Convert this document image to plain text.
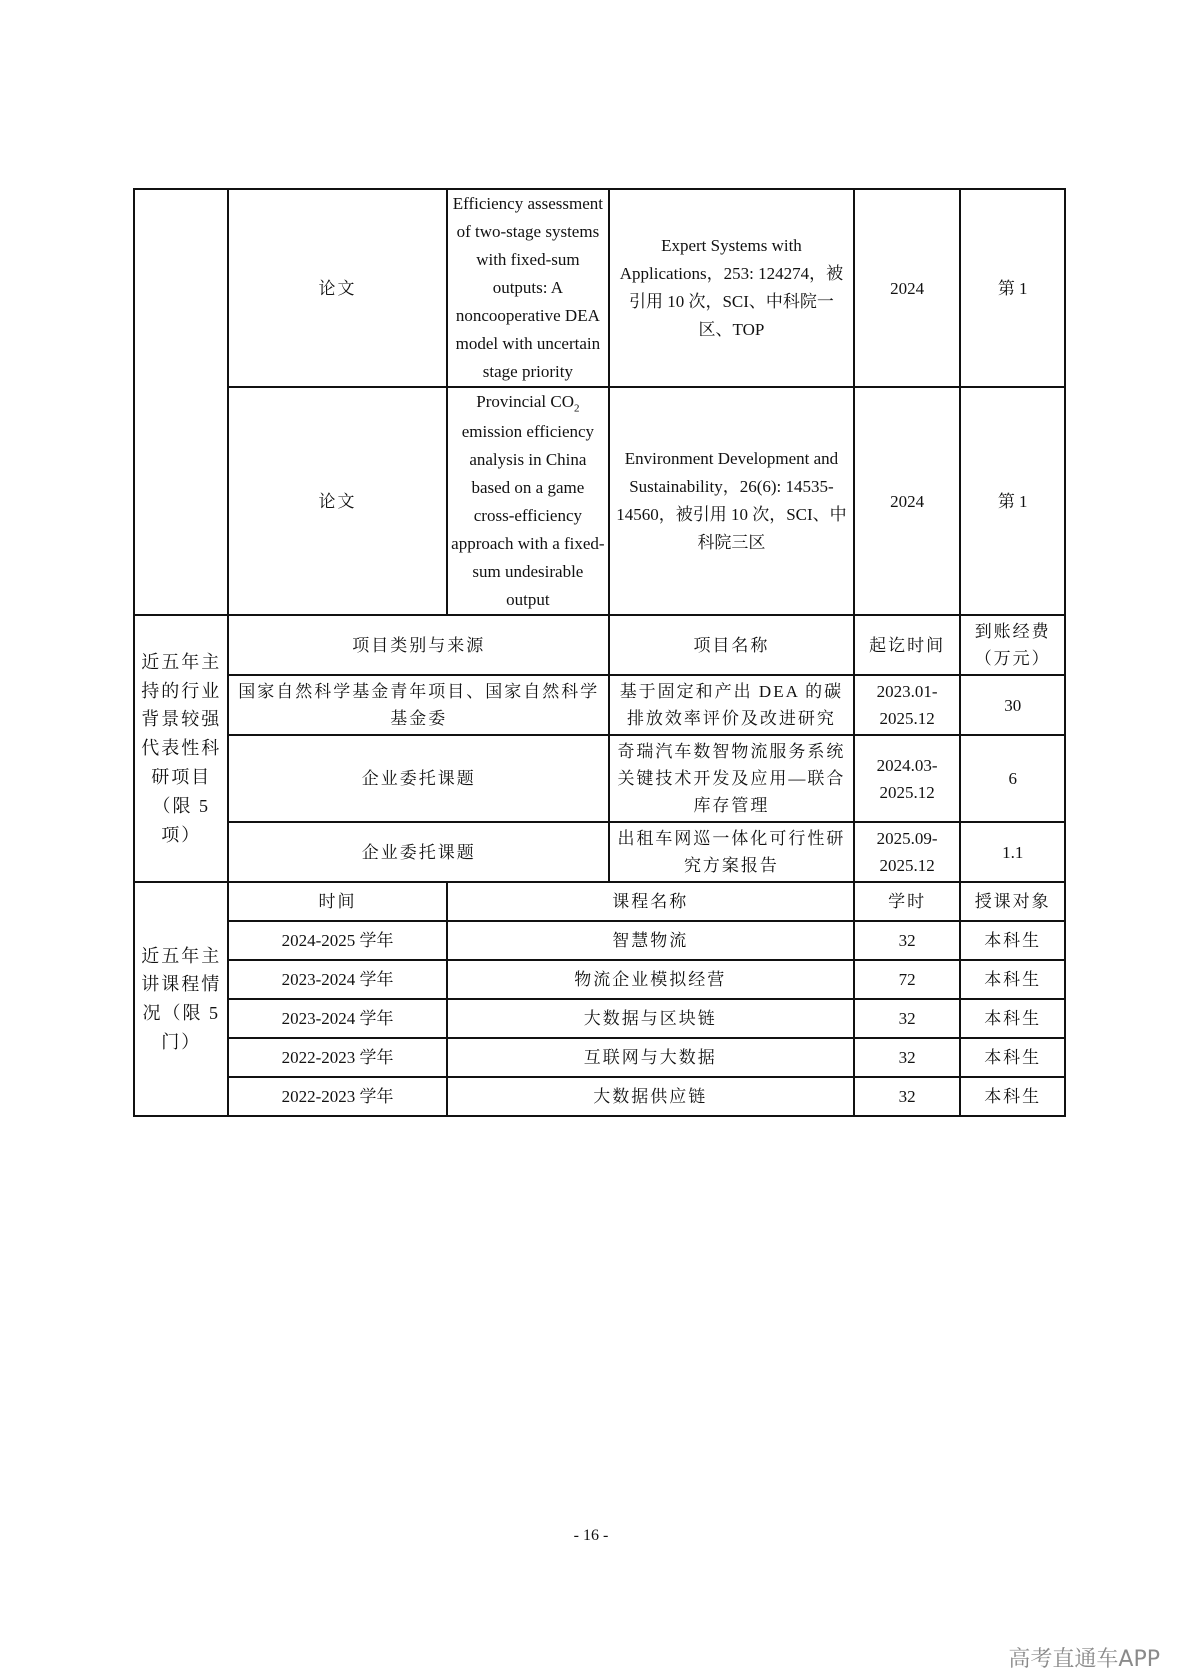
	论文	Efficiency assessment of two-stage systems with fixed-sum outputs: A noncooperative DEA model with uncertain stage priority	Expert Systems with Applications，253: 124274，被引用 10 次，SCI、中科院一区、TOP	2024	第 1
	论文	Provincial $CO_2$ emission efficiency analysis in China based on a game cross-efficiency approach with a fixed-sum undesirable output	Environment Development and Sustainability，26(6): 14535-14560，被引用 10 次，SCI、中科院三区	2024	第 1
近五年主持的行业背景较强代表性科研项目（限 5 项）	项目类别与来源		项目名称	起讫时间	到账经费（万元）
	国家自然科学基金青年项目、国家自然科学基金委		基于固定和产出 DEA 的碳排放效率评价及改进研究	2023.01-2025.12	30
	企业委托课题		奇瑞汽车数智物流服务系统关键技术开发及应用—联合库存管理	2024.03-2025.12	6
	企业委托课题		出租车网巡一体化可行性研究方案报告	2025.09-2025.12	1.1
近五年主讲课程情况（限 5 门）	时间	课程名称		学时	授课对象
	2024-2025 学年	智慧物流		32	本科生
	2023-2024 学年	物流企业模拟经营		72	本科生
	2023-2024 学年	大数据与区块链		32	本科生
	2022-2023 学年	互联网与大数据		32	本科生
	2022-2023 学年	大数据供应链		32	本科生
- 16 -
高考直通车APP
